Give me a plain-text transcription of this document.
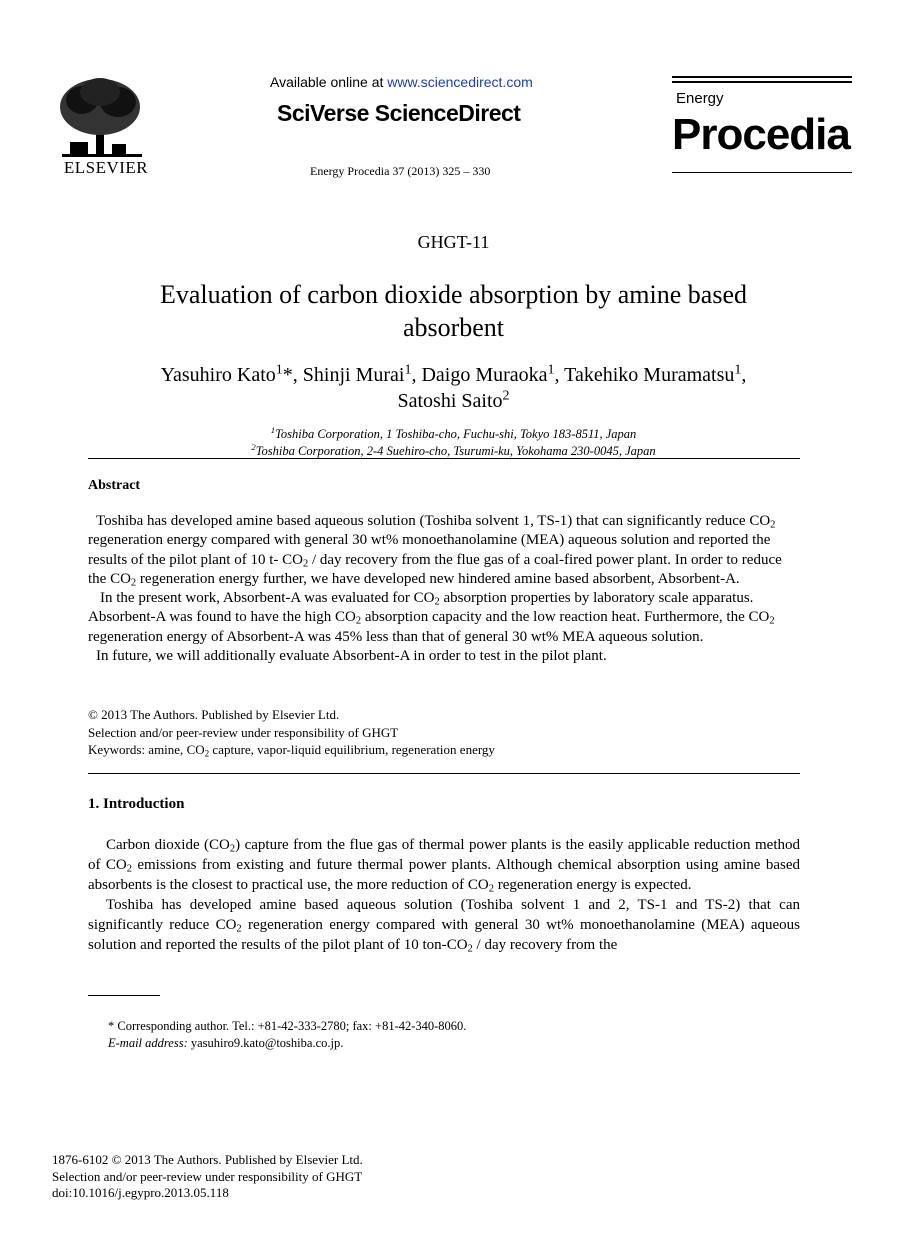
ELSEVIER
Available online at www.sciencedirect.com
SciVerse ScienceDirect
Energy Procedia 37 (2013) 325 – 330
Energy
Procedia
GHGT-11
Evaluation of carbon dioxide absorption by amine based absorbent
Yasuhiro Kato$^1$*, Shinji Murai$^1$, Daigo Muraoka$^1$, Takehiko Muramatsu$^1$,
Satoshi Saito$^2$
$^1$Toshiba Corporation, 1 Toshiba-cho, Fuchu-shi, Tokyo 183-8511, Japan
$^2$Toshiba Corporation, 2-4 Suehiro-cho, Tsurumi-ku, Yokohama 230-0045, Japan
Abstract

Toshiba has developed amine based aqueous solution (Toshiba solvent 1, TS-1) that can significantly reduce $CO_2$ regeneration energy compared with general 30 wt% monoethanolamine (MEA) aqueous solution and reported the results of the pilot plant of 10 t- $CO_2$ / day recovery from the flue gas of a coal-fired power plant. In order to reduce the $CO_2$ regeneration energy further, we have developed new hindered amine based absorbent, Absorbent-A.

In the present work, Absorbent-A was evaluated for $CO_2$ absorption properties by laboratory scale apparatus. Absorbent-A was found to have the high $CO_2$ absorption capacity and the low reaction heat. Furthermore, the $CO_2$ regeneration energy of Absorbent-A was 45% less than that of general 30 wt% MEA aqueous solution.

In future, we will additionally evaluate Absorbent-A in order to test in the pilot plant.

© 2013 The Authors. Published by Elsevier Ltd.
Selection and/or peer-review under responsibility of GHGT
Keywords: amine, $CO_2$ capture, vapor-liquid equilibrium, regeneration energy
1. Introduction

Carbon dioxide $(CO_2)$ capture from the flue gas of thermal power plants is the easily applicable reduction method of $CO_2$ emissions from existing and future thermal power plants. Although chemical absorption using amine based absorbents is the closest to practical use, the more reduction of $CO_2$ regeneration energy is expected.

Toshiba has developed amine based aqueous solution (Toshiba solvent 1 and 2, TS-1 and TS-2) that can significantly reduce $CO_2$ regeneration energy compared with general 30 wt% monoethanolamine (MEA) aqueous solution and reported the results of the pilot plant of 10 ton-$CO_2$ / day recovery from the

* Corresponding author. Tel.: +81-42-333-2780; fax: +81-42-340-8060.
E-mail address: yasuhiro9.kato@toshiba.co.jp.
1876-6102 © 2013 The Authors. Published by Elsevier Ltd.
Selection and/or peer-review under responsibility of GHGT
doi:10.1016/j.egypro.2013.05.118
